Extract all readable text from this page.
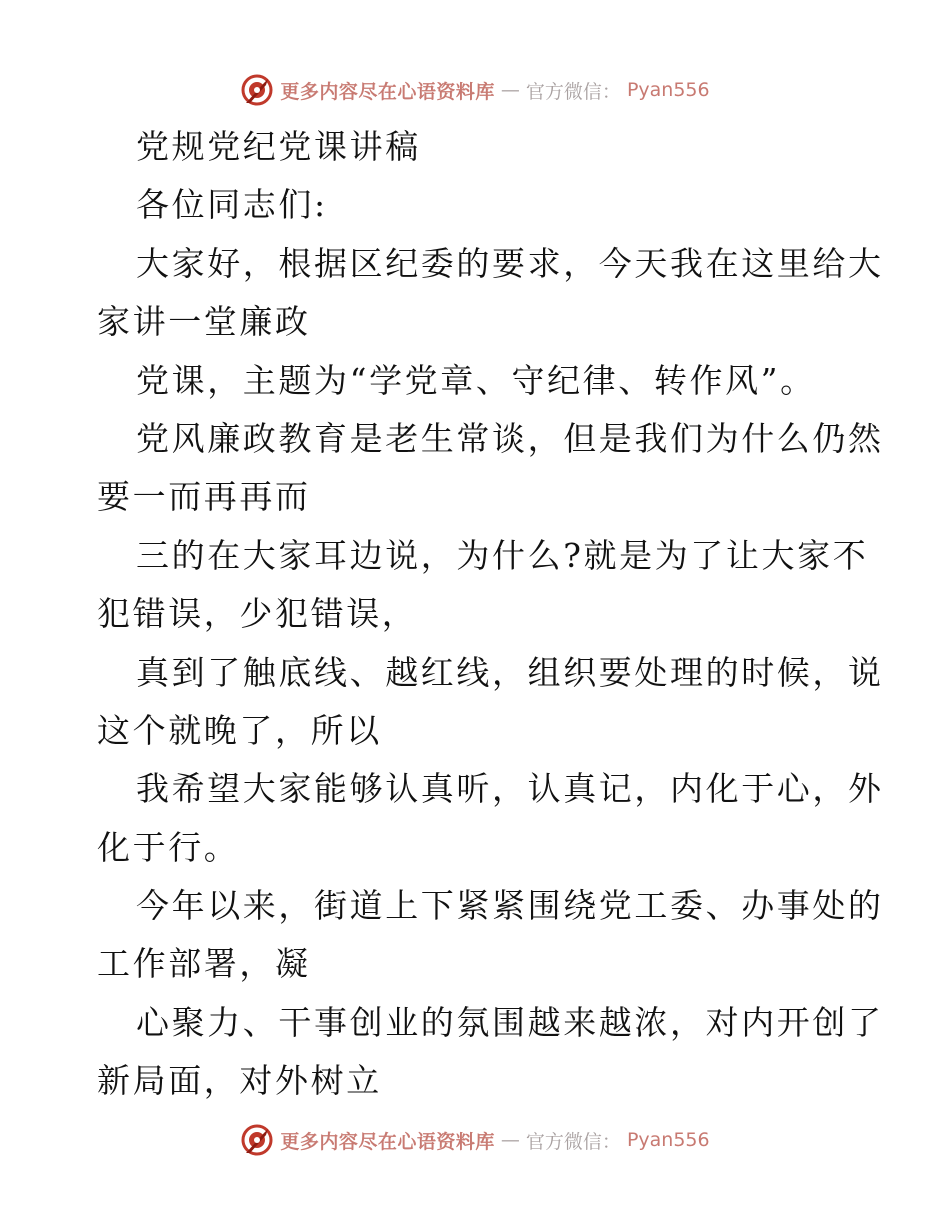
更多内容尽在心语资料库 — 官方微信： Pyan556
党规党纪党课讲稿
各位同志们:
大家好，根据区纪委的要求，今天我在这里给大
家讲一堂廉政
党课，主题为“学党章、守纪律、转作风”。
党风廉政教育是老生常谈，但是我们为什么仍然
要一而再再而
三的在大家耳边说，为什么?就是为了让大家不
犯错误，少犯错误，
真到了触底线、越红线，组织要处理的时候，说
这个就晚了，所以
我希望大家能够认真听，认真记，内化于心，外
化于行。
今年以来，街道上下紧紧围绕党工委、办事处的
工作部署，凝
心聚力、干事创业的氛围越来越浓，对内开创了
新局面，对外树立
更多内容尽在心语资料库 — 官方微信： Pyan556
